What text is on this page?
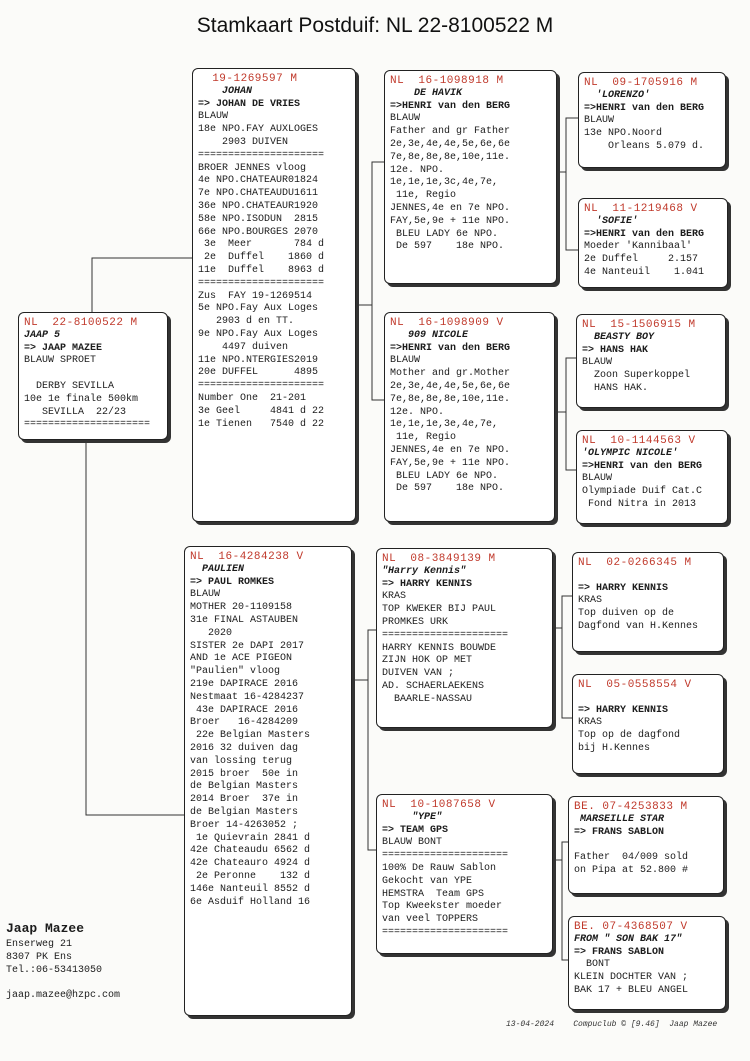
Stamkaart Postduif: NL 22-8100522 M
NL  22-8100522 M
JAAP 5
=> JAAP MAZEE
BLAUW SPROET

DERBY SEVILLA
10e 1e finale 500km
SEVILLA  22/23
=====================
19-1269597 M
JOHAN
=> JOHAN DE VRIES
BLAUW
18e NPO.FAY AUXLOGES
2903 DUIVEN
=====================
BROER JENNES vloog
4e NPO.CHATEAUR01824
7e NPO.CHATEAUDU1611
36e NPO.CHATEAUR1920
58e NPO.ISODUN  2815
66e NPO.BOURGES 2070
3e  Meer       784 d
2e  Duffel    1860 d
11e  Duffel    8963 d
=====================
Zus  FAY 19-1269514
5e NPO.Fay Aux Loges
2903 d en TT.
9e NPO.Fay Aux Loges
4497 duiven
11e NPO.NTERGIES2019
20e DUFFEL      4895
=====================
Number One  21-201
3e Geel     4841 d 22
1e Tienen   7540 d 22
NL  16-4284238 V
PAULIEN
=> PAUL ROMKES
BLAUW
MOTHER 20-1109158
31e FINAL ASTAUBEN
2020
SISTER 2e DAPI 2017
AND 1e ACE PIGEON
"Paulien" vloog
219e DAPIRACE 2016
Nestmaat 16-4284237
43e DAPIRACE 2016
Broer   16-4284209
22e Belgian Masters
2016 32 duiven dag
van lossing terug
2015 broer  50e in
de Belgian Masters
2014 Broer  37e in
de Belgian Masters
Broer 14-4263052 ;
1e Quievrain 2841 d
42e Chateaudu 6562 d
42e Chateauro 4924 d
2e Peronne    132 d
146e Nanteuil 8552 d
6e Asduif Holland 16
NL  16-1098918 M
DE HAVIK
=>HENRI van den BERG
BLAUW
Father and gr Father
2e,3e,4e,4e,5e,6e,6e
7e,8e,8e,8e,10e,11e.
12e. NPO.
1e,1e,1e,3c,4e,7e,
11e, Regio
JENNES,4e en 7e NPO.
FAY,5e,9e + 11e NPO.
BLEU LADY 6e NPO.
De 597    18e NPO.
NL  16-1098909 V
909 NICOLE
=>HENRI van den BERG
BLAUW
Mother and gr.Mother
2e,3e,4e,4e,5e,6e,6e
7e,8e,8e,8e,10e,11e.
12e. NPO.
1e,1e,1e,3e,4e,7e,
11e, Regio
JENNES,4e en 7e NPO.
FAY,5e,9e + 11e NPO.
BLEU LADY 6e NPO.
De 597    18e NPO.
NL  08-3849139 M
"Harry Kennis"
=> HARRY KENNIS
KRAS
TOP KWEKER BIJ PAUL
PROMKES URK
=====================
HARRY KENNIS BOUWDE
ZIJN HOK OP MET
DUIVEN VAN ;
AD. SCHAERLAEKENS
BAARLE-NASSAU
NL  10-1087658 V
"YPE"
=> TEAM GPS
BLAUW BONT
=====================
100% De Rauw Sablon
Gekocht van YPE
HEMSTRA  Team GPS
Top Kweekster moeder
van veel TOPPERS
=====================
NL  09-1705916 M
'LORENZO'
=>HENRI van den BERG
BLAUW
13e NPO.Noord
Orleans 5.079 d.
NL  11-1219468 V
'SOFIE'
=>HENRI van den BERG
Moeder 'Kannibaal'
2e Duffel     2.157
4e Nanteuil    1.041
NL  15-1506915 M
BEASTY BOY
=> HANS HAK
BLAUW
Zoon Superkoppel
HANS HAK.
NL  10-1144563 V
'OLYMPIC NICOLE'
=>HENRI van den BERG
BLAUW
Olympiade Duif Cat.C
Fond Nitra in 2013
NL  02-0266345 M

=> HARRY KENNIS
KRAS
Top duiven op de
Dagfond van H.Kennes
NL  05-0558554 V

=> HARRY KENNIS
KRAS
Top op de dagfond
bij H.Kennes
BE. 07-4253833 M
MARSEILLE STAR
=> FRANS SABLON

Father  04/009 sold
on Pipa at 52.800 #
BE. 07-4368507 V
FROM " SON BAK 17"
=> FRANS SABLON
BONT
KLEIN DOCHTER VAN ;
BAK 17 + BLEU ANGEL
Jaap Mazee
Enserweg 21
8307 PK Ens
Tel.:06-53413050
jaap.mazee@hzpc.com
13-04-2024    Compuclub © [9.46]  Jaap Mazee
